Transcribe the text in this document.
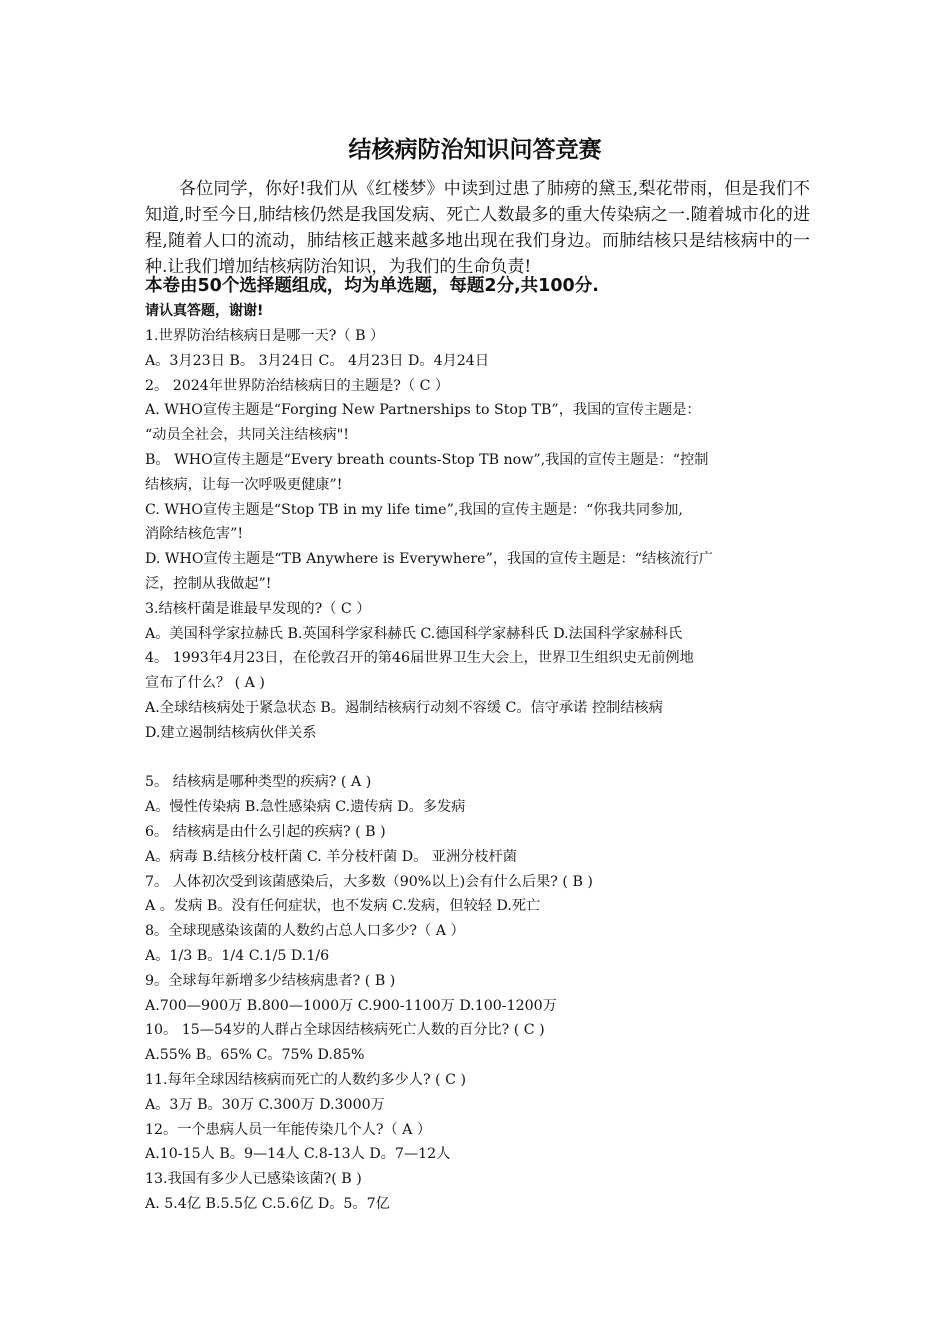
结核病防治知识问答竞赛
各位同学，你好!我们从《红楼梦》中读到过患了肺痨的黛玉,梨花带雨，但是我们不知道,时至今日,肺结核仍然是我国发病、死亡人数最多的重大传染病之一.随着城市化的进程,随着人口的流动，肺结核正越来越多地出现在我们身边。而肺结核只是结核病中的一种.让我们增加结核病防治知识，为我们的生命负责!
本卷由50个选择题组成，均为单选题，每题2分,共100分.
请认真答题，谢谢!
1.世界防治结核病日是哪一天?（ B ）
A。3月23日 B。 3月24日 C。 4月23日 D。4月24日
2。 2024年世界防治结核病日的主题是?（ C ）
A. WHO宣传主题是“Forging New Partnerships to Stop TB”，我国的宣传主题是：
“动员全社会，共同关注结核病"!
B。 WHO宣传主题是“Every breath counts-Stop TB now”,我国的宣传主题是：“控制
结核病，让每一次呼吸更健康”!
C. WHO宣传主题是“Stop TB in my life time”,我国的宣传主题是：“你我共同参加,
消除结核危害”!
D. WHO宣传主题是“TB Anywhere is Everywhere”，我国的宣传主题是：“结核流行广
泛，控制从我做起”!
3.结核杆菌是谁最早发现的?（ C ）
A。美国科学家拉赫氏 B.英国科学家科赫氏 C.德国科学家赫科氏 D.法国科学家赫科氏
4。 1993年4月23日，在伦敦召开的第46届世界卫生大会上，世界卫生组织史无前例地
宣布了什么？ ( A )
A.全球结核病处于紧急状态 B。遏制结核病行动刻不容缓 C。信守承诺 控制结核病
D.建立遏制结核病伙伴关系
5。 结核病是哪种类型的疾病? ( A )
A。慢性传染病 B.急性感染病 C.遗传病 D。多发病
6。 结核病是由什么引起的疾病? ( B )
A。病毒 B.结核分枝杆菌 C. 羊分枝杆菌 D。 亚洲分枝杆菌
7。 人体初次受到该菌感染后，大多数（90%以上)会有什么后果? ( B )
A 。发病 B。没有任何症状，也不发病 C.发病，但较轻 D.死亡
8。全球现感染该菌的人数约占总人口多少?（ A ）
A。1/3 B。1/4 C.1/5 D.1/6
9。全球每年新增多少结核病患者? ( B )
A.700—900万 B.800—1000万 C.900-1100万 D.100-1200万
10。 15—54岁的人群占全球因结核病死亡人数的百分比? ( C )
A.55% B。65% C。75% D.85%
11.每年全球因结核病而死亡的人数约多少人? ( C )
A。3万 B。30万 C.300万 D.3000万
12。一个患病人员一年能传染几个人?（ A ）
A.10-15人 B。9—14人 C.8-13人 D。7—12人
13.我国有多少人已感染该菌?( B )
A. 5.4亿 B.5.5亿 C.5.6亿 D。5。7亿
